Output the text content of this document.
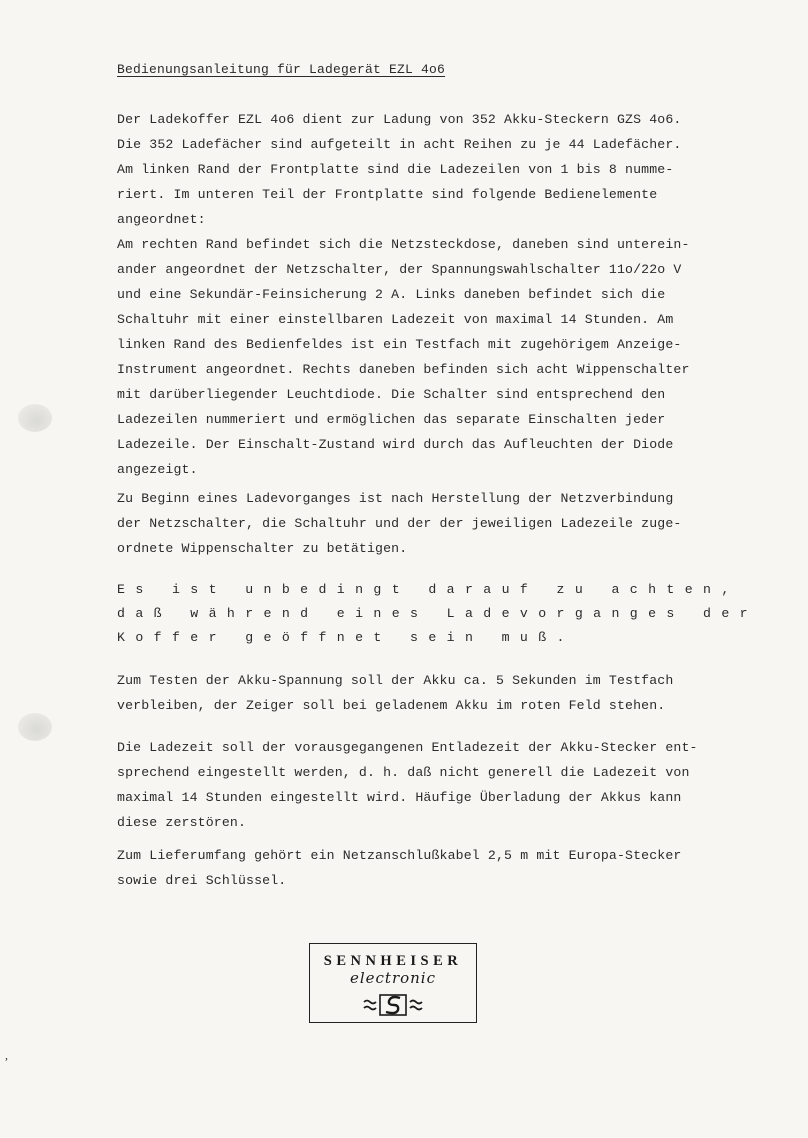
Bedienungsanleitung für Ladegerät EZL 4o6
Der Ladekoffer EZL 4o6 dient zur Ladung von 352 Akku-Steckern GZS 4o6.
Die 352 Ladefächer sind aufgeteilt in acht Reihen zu je 44 Ladefächer.
Am linken Rand der Frontplatte sind die Ladezeilen von 1 bis 8 numme-
riert. Im unteren Teil der Frontplatte sind folgende Bedienelemente
angeordnet:
Am rechten Rand befindet sich die Netzsteckdose, daneben sind unterein-
ander angeordnet der Netzschalter, der Spannungswahlschalter 11o/22o V
und eine Sekundär-Feinsicherung 2 A. Links daneben befindet sich die
Schaltuhr mit einer einstellbaren Ladezeit von maximal 14 Stunden. Am
linken Rand des Bedienfeldes ist ein Testfach mit zugehörigem Anzeige-
Instrument angeordnet. Rechts daneben befinden sich acht Wippenschalter
mit darüberliegender Leuchtdiode. Die Schalter sind entsprechend den
Ladezeilen nummeriert und ermöglichen das separate Einschalten jeder
Ladezeile. Der Einschalt-Zustand wird durch das Aufleuchten der Diode
angezeigt.
Zu Beginn eines Ladevorganges ist nach Herstellung der Netzverbindung
der Netzschalter, die Schaltuhr und der der jeweiligen Ladezeile zuge-
ordnete Wippenschalter zu betätigen.
Es ist unbedingt darauf zu achten,
daß während eines Ladevorganges der
Koffer geöffnet sein muß.
Zum Testen der Akku-Spannung soll der Akku ca. 5 Sekunden im Testfach
verbleiben, der Zeiger soll bei geladenem Akku im roten Feld stehen.
Die Ladezeit soll der vorausgegangenen Entladezeit der Akku-Stecker ent-
sprechend eingestellt werden, d. h. daß nicht generell die Ladezeit von
maximal 14 Stunden eingestellt wird. Häufige Überladung der Akkus kann
diese zerstören.
Zum Lieferumfang gehört ein Netzanschlußkabel 2,5 m mit Europa-Stecker
sowie drei Schlüssel.
SENNHEISER
electronic
,
